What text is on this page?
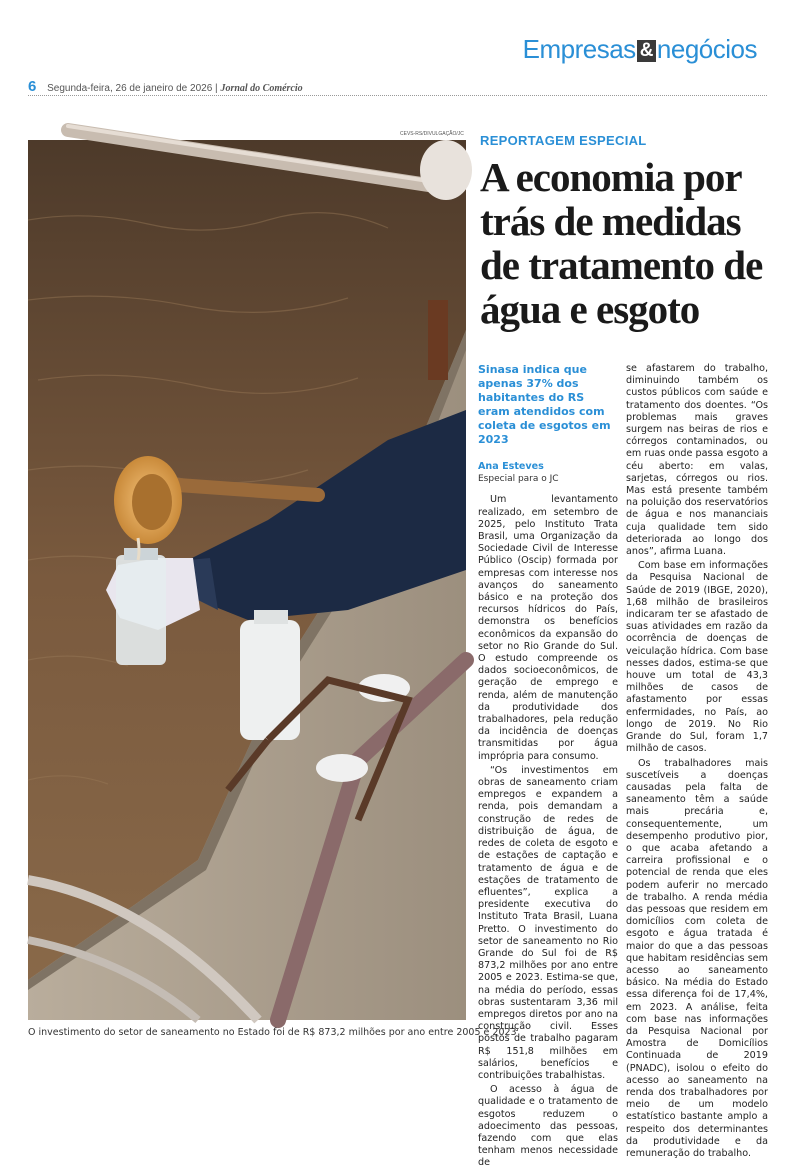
Empresas & negócios
6 Segunda-feira, 26 de janeiro de 2026 | Jornal do Comércio
CEVS-RS/DIVULGAÇÃO/JC
O investimento do setor de saneamento no Estado foi de R$ 873,2 milhões por ano entre 2005 e 2023
REPORTAGEM ESPECIAL
A economia por trás de medidas de tratamento de água e esgoto
Sinasa indica que apenas 37% dos habitantes do RS eram atendidos com coleta de esgotos em 2023
Ana Esteves
Especial para o JC

Um levantamento realizado, em setembro de 2025, pelo Instituto Trata Brasil, uma Organização da Sociedade Civil de Interesse Público (Oscip) formada por empresas com interesse nos avanços do saneamento básico e na proteção dos recursos hídricos do País, demonstra os benefícios econômicos da expansão do setor no Rio Grande do Sul. O estudo compreende os dados socioeconômicos, de geração de emprego e renda, além de manutenção da produtividade dos trabalhadores, pela redução da incidência de doenças transmitidas por água imprópria para consumo.

“Os investimentos em obras de saneamento criam empregos e expandem a renda, pois demandam a construção de redes de distribuição de água, de redes de coleta de esgoto e de estações de captação e tratamento de água e de estações de tratamento de efluentes”, explica a presidente executiva do Instituto Trata Brasil, Luana Pretto. O investimento do setor de saneamento no Rio Grande do Sul foi de R$ 873,2 milhões por ano entre 2005 e 2023. Estima-se que, na média do período, essas obras sustentaram 3,36 mil empregos diretos por ano na construção civil. Esses postos de trabalho pagaram R$ 151,8 milhões em salários, benefícios e contribuições trabalhistas.

O acesso à água de qualidade e o tratamento de esgotos reduzem o adoecimento das pessoas, fazendo com que elas tenham menos necessidade de

se afastarem do trabalho, diminuindo também os custos públicos com saúde e tratamento dos doentes. “Os problemas mais graves surgem nas beiras de rios e córregos contaminados, ou em ruas onde passa esgoto a céu aberto: em valas, sarjetas, córregos ou rios. Mas está presente também na poluição dos reservatórios de água e nos mananciais cuja qualidade tem sido deteriorada ao longo dos anos”, afirma Luana.

Com base em informações da Pesquisa Nacional de Saúde de 2019 (IBGE, 2020), 1,68 milhão de brasileiros indicaram ter se afastado de suas atividades em razão da ocorrência de doenças de veiculação hídrica. Com base nesses dados, estima-se que houve um total de 43,3 milhões de casos de afastamento por essas enfermidades, no País, ao longo de 2019. No Rio Grande do Sul, foram 1,7 milhão de casos.

Os trabalhadores mais suscetíveis a doenças causadas pela falta de saneamento têm a saúde mais precária e, consequentemente, um desempenho produtivo pior, o que acaba afetando a carreira profissional e o potencial de renda que eles podem auferir no mercado de trabalho. A renda média das pessoas que residem em domicílios com coleta de esgoto e água tratada é maior do que a das pessoas que habitam residências sem acesso ao saneamento básico. Na média do Estado essa diferença foi de 17,4%, em 2023. A análise, feita com base nas informações da Pesquisa Nacional por Amostra de Domicílios Continuada de 2019 (PNADC), isolou o efeito do acesso ao saneamento na renda dos trabalhadores por meio de um modelo estatístico bastante amplo a respeito dos determinantes da produtividade e da remuneração do trabalho.
